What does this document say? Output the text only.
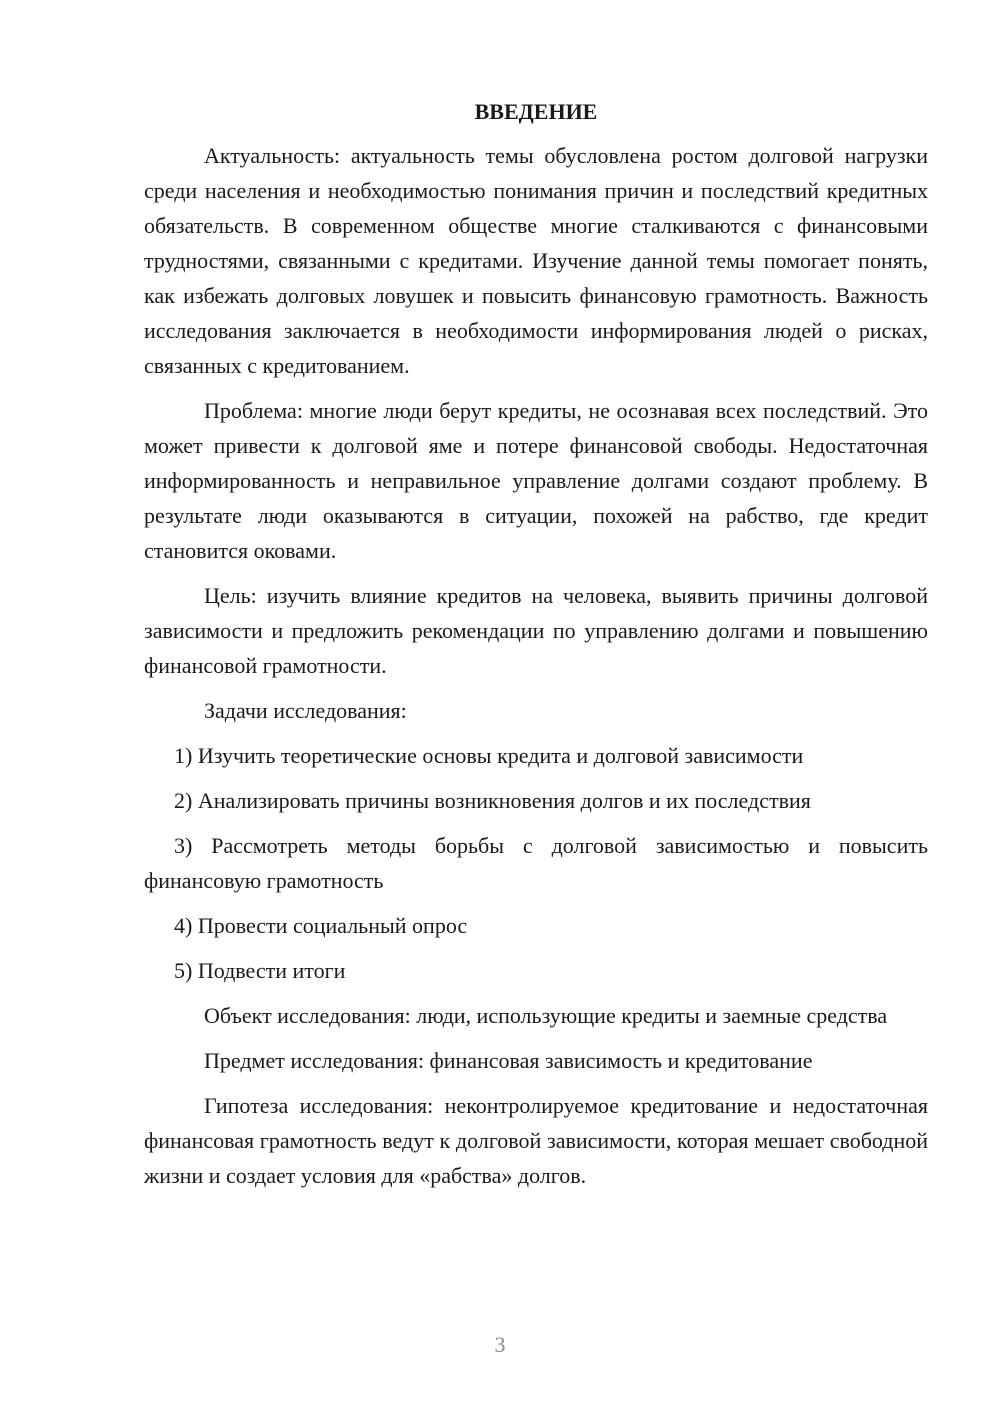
ВВЕДЕНИЕ

Актуальность: актуальность темы обусловлена ростом долговой нагрузки среди населения и необходимостью понимания причин и последствий кредитных обязательств. В современном обществе многие сталкиваются с финансовыми трудностями, связанными с кредитами. Изучение данной темы помогает понять, как избежать долговых ловушек и повысить финансовую грамотность. Важность исследования заключается в необходимости информирования людей о рисках, связанных с кредитованием.

Проблема: многие люди берут кредиты, не осознавая всех последствий. Это может привести к долговой яме и потере финансовой свободы. Недостаточная информированность и неправильное управление долгами создают проблему. В результате люди оказываются в ситуации, похожей на рабство, где кредит становится оковами.

Цель: изучить влияние кредитов на человека, выявить причины долговой зависимости и предложить рекомендации по управлению долгами и повышению финансовой грамотности.

Задачи исследования:

1) Изучить теоретические основы кредита и долговой зависимости

2) Анализировать причины возникновения долгов и их последствия

3) Рассмотреть методы борьбы с долговой зависимостью и повысить финансовую грамотность

4) Провести социальный опрос

5) Подвести итоги

Объект исследования: люди, использующие кредиты и заемные средства

Предмет исследования: финансовая зависимость и кредитование

Гипотеза исследования: неконтролируемое кредитование и недостаточная финансовая грамотность ведут к долговой зависимости, которая мешает свободной жизни и создает условия для «рабства» долгов.

3
